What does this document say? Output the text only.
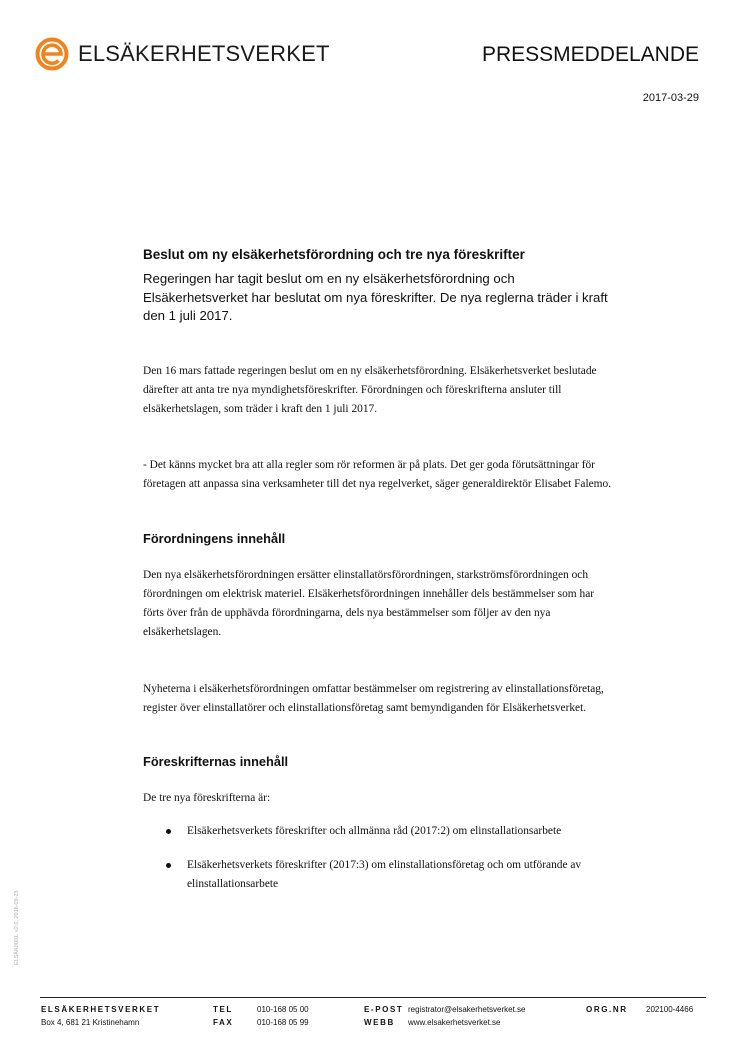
ELSÄKERHETSVERKET	PRESSMEDDELANDE
2017-03-29
Beslut om ny elsäkerhetsförordning och tre nya föreskrifter

Regeringen har tagit beslut om en ny elsäkerhetsförordning och Elsäkerhetsverket har beslutat om nya föreskrifter. De nya reglerna träder i kraft den 1 juli 2017.

Den 16 mars fattade regeringen beslut om en ny elsäkerhetsförordning. Elsäkerhetsverket beslutade därefter att anta tre nya myndighetsföreskrifter. Förordningen och föreskrifterna ansluter till elsäkerhetslagen, som träder i kraft den 1 juli 2017.

- Det känns mycket bra att alla regler som rör reformen är på plats. Det ger goda förutsättningar för företagen att anpassa sina verksamheter till det nya regelverket, säger generaldirektör Elisabet Falemo.

Förordningens innehåll

Den nya elsäkerhetsförordningen ersätter elinstallatörsförordningen, starkströmsförordningen och förordningen om elektrisk materiel. Elsäkerhetsförordningen innehåller dels bestämmelser som har förts över från de upphävda förordningarna, dels nya bestämmelser som följer av den nya elsäkerhetslagen.

Nyheterna i elsäkerhetsförordningen omfattar bestämmelser om registrering av elinstallationsföretag, register över elinstallatörer och elinstallationsföretag samt bemyndiganden för Elsäkerhetsverket.

Föreskrifternas innehåll

De tre nya föreskrifterna är:

Elsäkerhetsverkets föreskrifter och allmänna råd (2017:2) om elinstallationsarbete
Elsäkerhetsverkets föreskrifter (2017:3) om elinstallationsföretag och om utförande av elinstallationsarbete
ELSÄK0001, v2.0, 2016-09-23
ELSÄKERHETSVERKET
Box 4, 681 21 Kristinehamn
TEL	010-168 05 00
FAX	010-168 05 99
E-POST registrator@elsakerhetsverket.se
WEBB www.elsakerhetsverket.se
ORG.NR 202100-4466
